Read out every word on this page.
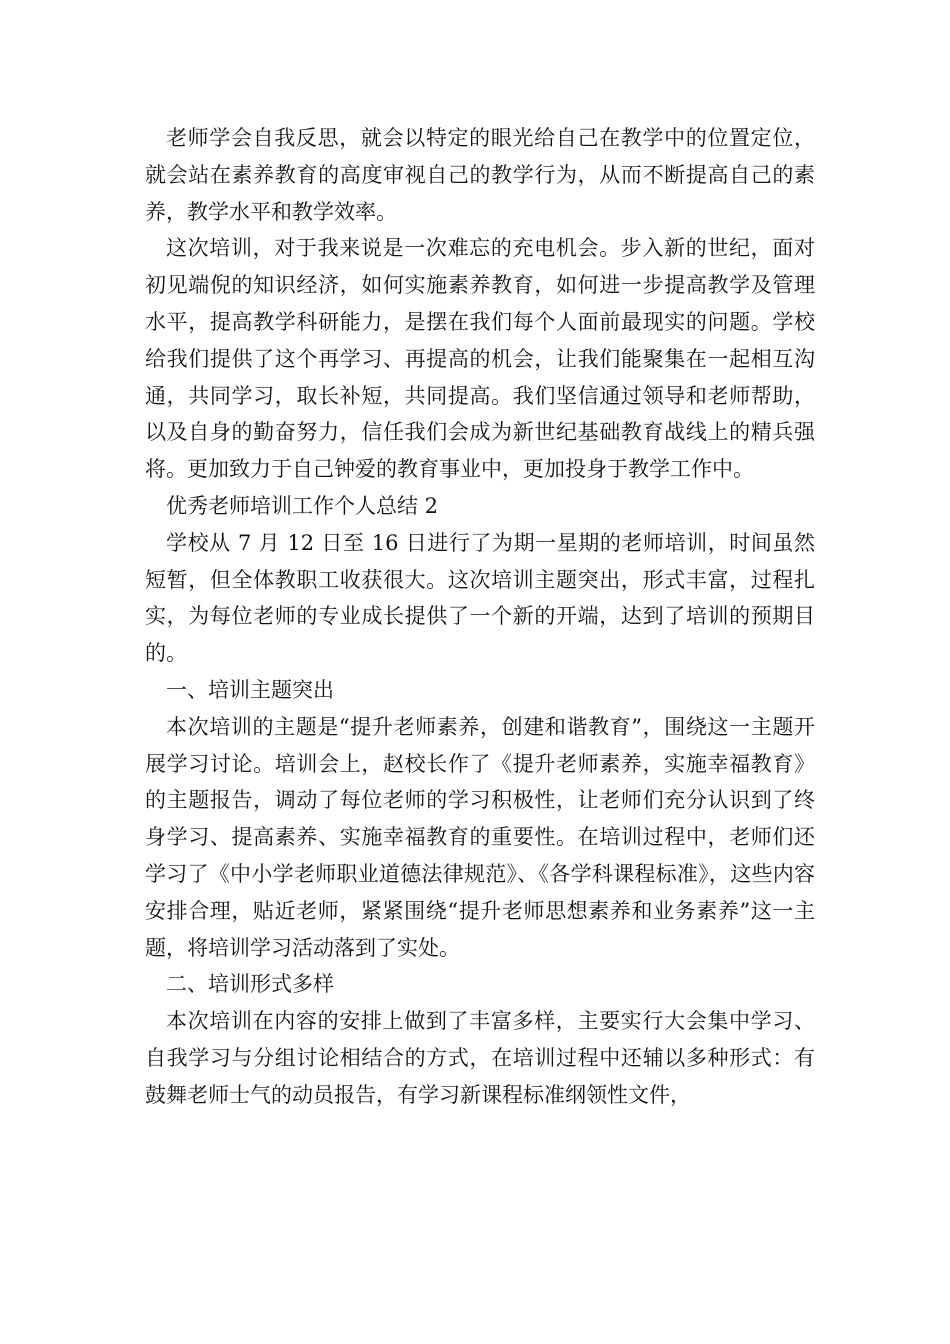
老师学会自我反思，就会以特定的眼光给自己在教学中的位置定位，就会站在素养教育的高度审视自己的教学行为，从而不断提高自己的素养，教学水平和教学效率。

这次培训，对于我来说是一次难忘的充电机会。步入新的世纪，面对初见端倪的知识经济，如何实施素养教育，如何进一步提高教学及管理水平，提高教学科研能力，是摆在我们每个人面前最现实的问题。学校给我们提供了这个再学习、再提高的机会，让我们能聚集在一起相互沟通，共同学习，取长补短，共同提高。我们坚信通过领导和老师帮助，以及自身的勤奋努力，信任我们会成为新世纪基础教育战线上的精兵强将。更加致力于自己钟爱的教育事业中，更加投身于教学工作中。

优秀老师培训工作个人总结 2

学校从 7 月 12 日至 16 日进行了为期一星期的老师培训，时间虽然短暂，但全体教职工收获很大。这次培训主题突出，形式丰富，过程扎实，为每位老师的专业成长提供了一个新的开端，达到了培训的预期目的。

一、培训主题突出

本次培训的主题是“提升老师素养，创建和谐教育”，围绕这一主题开展学习讨论。培训会上，赵校长作了《提升老师素养，实施幸福教育》的主题报告，调动了每位老师的学习积极性，让老师们充分认识到了终身学习、提高素养、实施幸福教育的重要性。在培训过程中，老师们还学习了《中小学老师职业道德法律规范》、《各学科课程标准》，这些内容安排合理，贴近老师，紧紧围绕“提升老师思想素养和业务素养”这一主题，将培训学习活动落到了实处。

二、培训形式多样

本次培训在内容的安排上做到了丰富多样，主要实行大会集中学习、自我学习与分组讨论相结合的方式，在培训过程中还辅以多种形式：有鼓舞老师士气的动员报告，有学习新课程标准纲领性文件，
